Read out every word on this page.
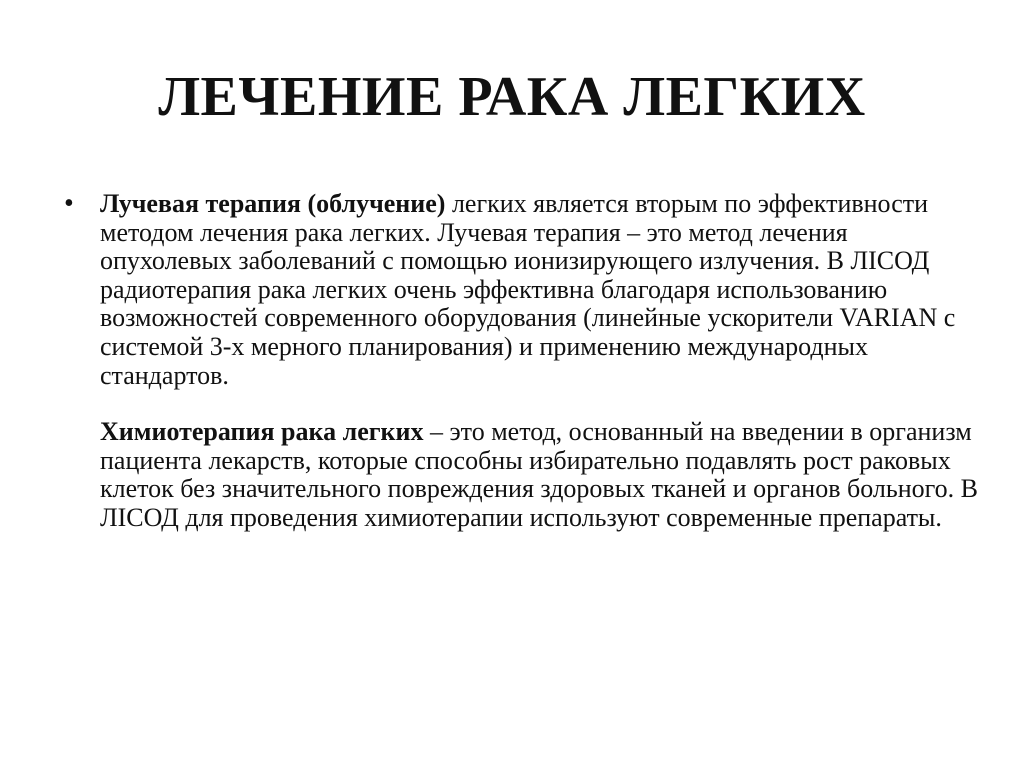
ЛЕЧЕНИЕ РАКА ЛЕГКИХ
•	Лучевая терапия (облучение) легких является вторым по эффективности методом лечения рака легких. Лучевая терапия – это метод лечения опухолевых заболеваний с помощью ионизирующего излучения. В ЛІСОД радиотерапия рака легких очень эффективна благодаря использованию возможностей современного оборудования (линейные ускорители VARIAN с системой 3-х мерного планирования) и применению международных стандартов.

Химиотерапия рака легких – это метод, основанный на введении в организм пациента лекарств, которые способны избирательно подавлять рост раковых клеток без значительного повреждения здоровых тканей и органов больного. В ЛІСОД для проведения химиотерапии используют современные препараты.
